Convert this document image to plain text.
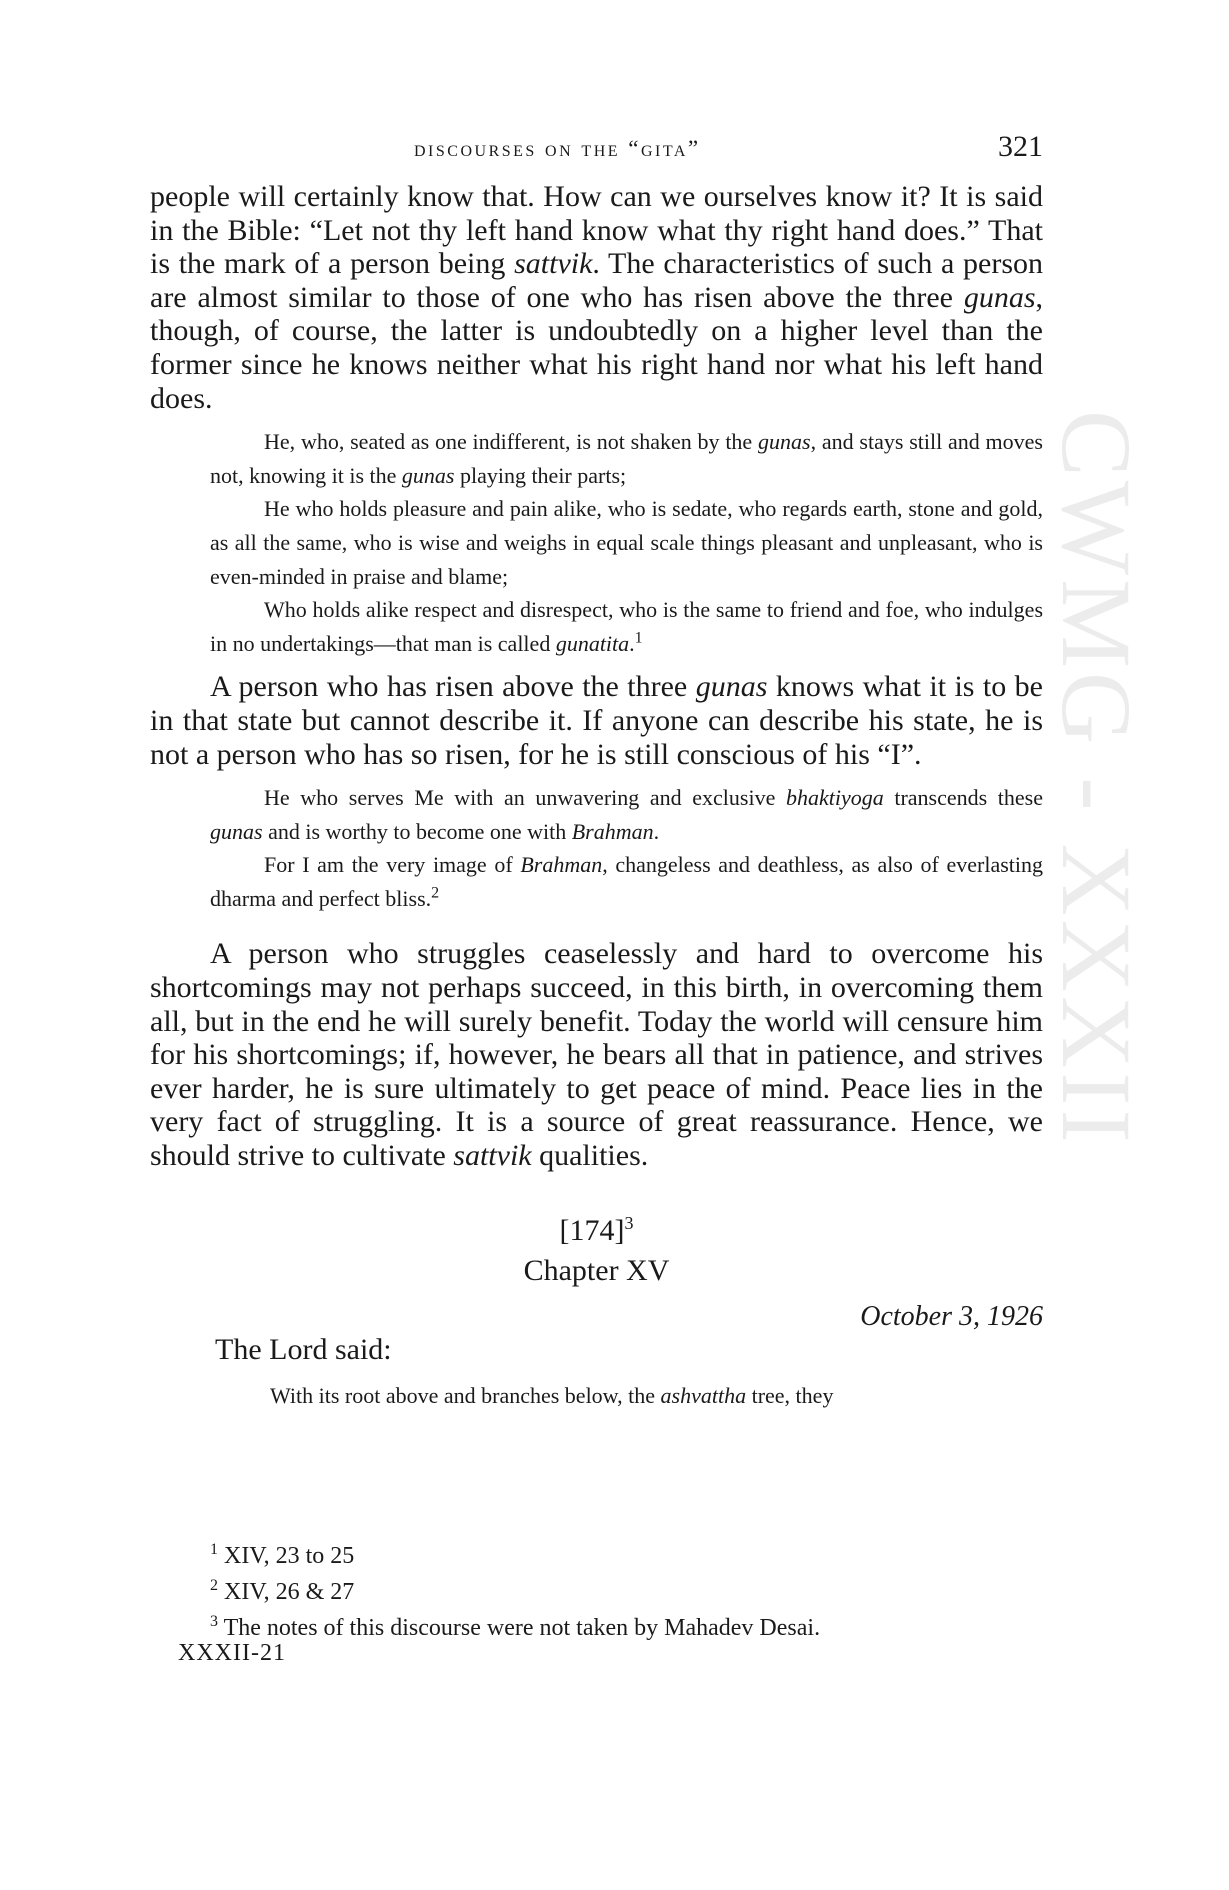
CWMG - XXXII
discourses on the “gita”	321

people will certainly know that. How can we ourselves know it? It is said in the Bible: “Let not thy left hand know what thy right hand does.” That is the mark of a person being sattvik. The characteristics of such a person are almost similar to those of one who has risen above the three gunas, though, of course, the latter is undoubtedly on a higher level than the former since he knows neither what his right hand nor what his left hand does.

He, who, seated as one indifferent, is not shaken by the gunas, and stays still and moves not, knowing it is the gunas playing their parts;

He who holds pleasure and pain alike, who is sedate, who regards earth, stone and gold, as all the same, who is wise and weighs in equal scale things pleasant and unpleasant, who is even-minded in praise and blame;

Who holds alike respect and disrespect, who is the same to friend and foe, who indulges in no undertakings—that man is called gunatita.$^1$

A person who has risen above the three gunas knows what it is to be in that state but cannot describe it. If anyone can describe his state, he is not a person who has so risen, for he is still conscious of his “I”.

He who serves Me with an unwavering and exclusive bhaktiyoga transcends these gunas and is worthy to become one with Brahman.

For I am the very image of Brahman, changeless and deathless, as also of everlasting dharma and perfect bliss.$^2$

A person who struggles ceaselessly and hard to overcome his shortcomings may not perhaps succeed, in this birth, in overcoming them all, but in the end he will surely benefit. Today the world will censure him for his shortcomings; if, however, he bears all that in patience, and strives ever harder, he is sure ultimately to get peace of mind. Peace lies in the very fact of struggling. It is a source of great reassurance. Hence, we should strive to cultivate sattvik qualities.

$[174]^3$
Chapter XV
October 3, 1926
The Lord said:

With its root above and branches below, the ashvattha tree, they

$^1$ XIV, 23 to 25
$^2$ XIV, 26 & 27
$^3$ The notes of this discourse were not taken by Mahadev Desai.
XXXII-21
